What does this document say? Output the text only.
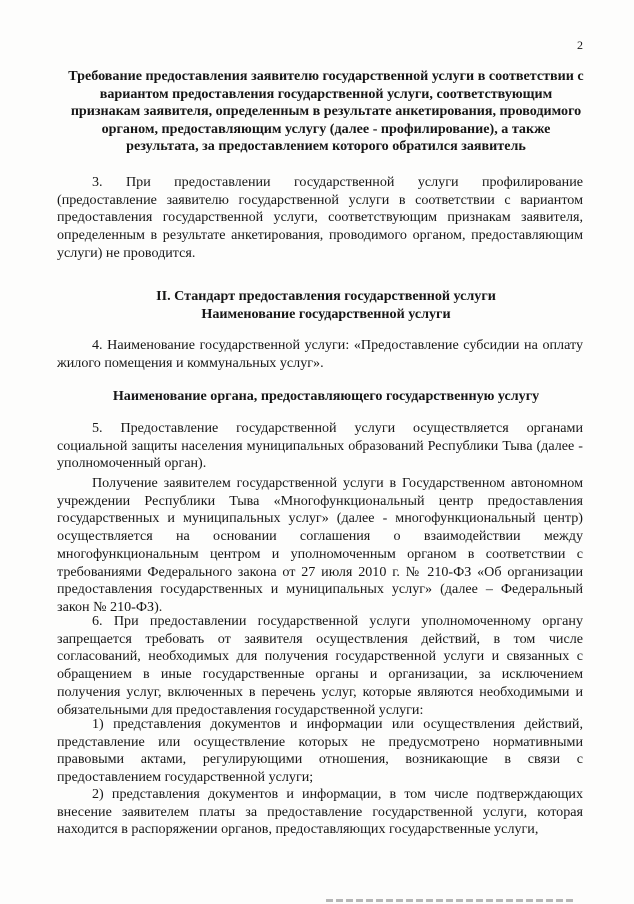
2
Требование предоставления заявителю государственной услуги в соответствии с вариантом предоставления государственной услуги, соответствующим признакам заявителя, определенным в результате анкетирования, проводимого органом, предоставляющим услугу (далее - профилирование), а также результата, за предоставлением которого обратился заявитель

3. При предоставлении государственной услуги профилирование (предоставление заявителю государственной услуги в соответствии с вариантом предоставления государственной услуги, соответствующим признакам заявителя, определенным в результате анкетирования, проводимого органом, предоставляющим услуги) не проводится.

II. Стандарт предоставления государственной услуги
Наименование государственной услуги

4. Наименование государственной услуги: «Предоставление субсидии на оплату жилого помещения и коммунальных услуг».

Наименование органа, предоставляющего государственную услугу

5. Предоставление государственной услуги осуществляется органами социальной защиты населения муниципальных образований Республики Тыва (далее - уполномоченный орган).

Получение заявителем государственной услуги в Государственном автономном учреждении Республики Тыва «Многофункциональный центр предоставления государственных и муниципальных услуг» (далее - многофункциональный центр) осуществляется на основании соглашения о взаимодействии между многофункциональным центром и уполномоченным органом в соответствии с требованиями Федерального закона от 27 июля 2010 г. № 210-ФЗ «Об организации предоставления государственных и муниципальных услуг» (далее – Федеральный закон № 210-ФЗ).

6. При предоставлении государственной услуги уполномоченному органу запрещается требовать от заявителя осуществления действий, в том числе согласований, необходимых для получения государственной услуги и связанных с обращением в иные государственные органы и организации, за исключением получения услуг, включенных в перечень услуг, которые являются необходимыми и обязательными для предоставления государственной услуги:

1) представления документов и информации или осуществления действий, представление или осуществление которых не предусмотрено нормативными правовыми актами, регулирующими отношения, возникающие в связи с предоставлением государственной услуги;

2) представления документов и информации, в том числе подтверждающих внесение заявителем платы за предоставление государственной услуги, которая находится в распоряжении органов, предоставляющих государственные услуги,
